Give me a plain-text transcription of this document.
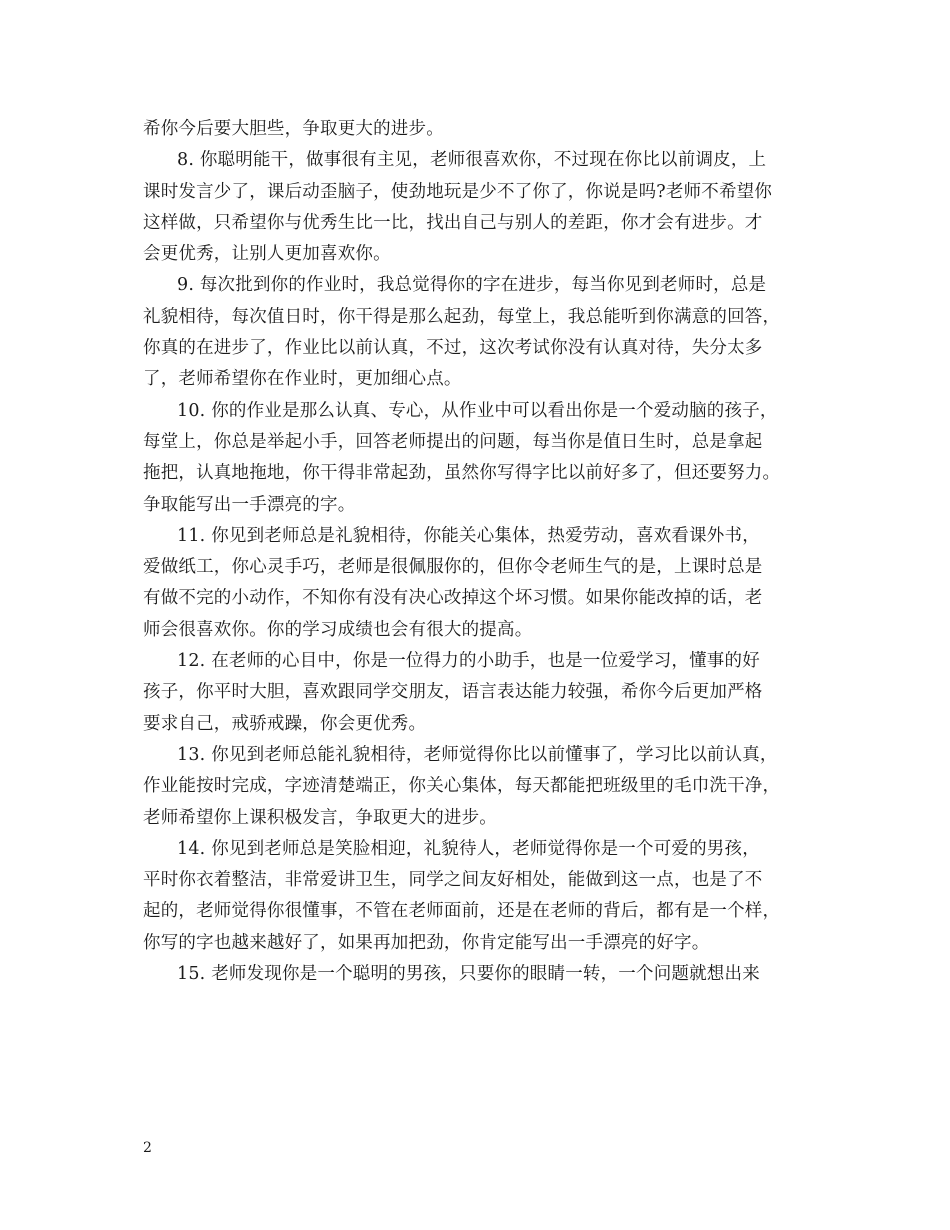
希你今后要大胆些，争取更大的进步。
8. 你聪明能干，做事很有主见，老师很喜欢你，不过现在你比以前调皮，上
课时发言少了，课后动歪脑子，使劲地玩是少不了你了，你说是吗?老师不希望你
这样做，只希望你与优秀生比一比，找出自己与别人的差距，你才会有进步。才
会更优秀，让别人更加喜欢你。
9. 每次批到你的作业时，我总觉得你的字在进步，每当你见到老师时，总是
礼貌相待，每次值日时，你干得是那么起劲，每堂上，我总能听到你满意的回答，
你真的在进步了，作业比以前认真，不过，这次考试你没有认真对待，失分太多
了，老师希望你在作业时，更加细心点。
10. 你的作业是那么认真、专心，从作业中可以看出你是一个爱动脑的孩子，
每堂上，你总是举起小手，回答老师提出的问题，每当你是值日生时，总是拿起
拖把，认真地拖地，你干得非常起劲，虽然你写得字比以前好多了，但还要努力。
争取能写出一手漂亮的字。
11. 你见到老师总是礼貌相待，你能关心集体，热爱劳动，喜欢看课外书，
爱做纸工，你心灵手巧，老师是很佩服你的，但你令老师生气的是，上课时总是
有做不完的小动作，不知你有没有决心改掉这个坏习惯。如果你能改掉的话，老
师会很喜欢你。你的学习成绩也会有很大的提高。
12. 在老师的心目中，你是一位得力的小助手，也是一位爱学习，懂事的好
孩子，你平时大胆，喜欢跟同学交朋友，语言表达能力较强，希你今后更加严格
要求自己，戒骄戒躁，你会更优秀。
13. 你见到老师总能礼貌相待，老师觉得你比以前懂事了，学习比以前认真，
作业能按时完成，字迹清楚端正，你关心集体，每天都能把班级里的毛巾洗干净，
老师希望你上课积极发言，争取更大的进步。
14. 你见到老师总是笑脸相迎，礼貌待人，老师觉得你是一个可爱的男孩，
平时你衣着整洁，非常爱讲卫生，同学之间友好相处，能做到这一点，也是了不
起的，老师觉得你很懂事，不管在老师面前，还是在老师的背后，都有是一个样，
你写的字也越来越好了，如果再加把劲，你肯定能写出一手漂亮的好字。
15. 老师发现你是一个聪明的男孩，只要你的眼睛一转，一个问题就想出来
2
